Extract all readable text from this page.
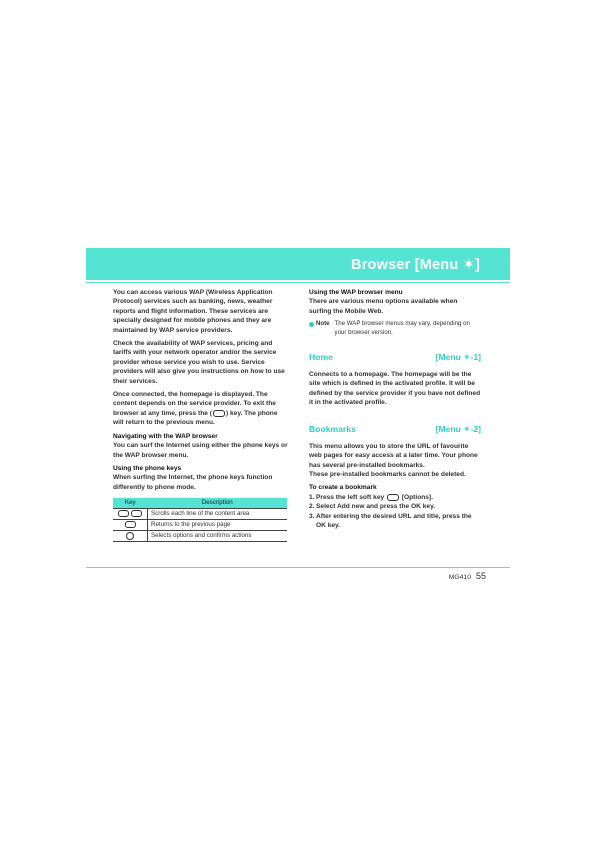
Browser [Menu ✶]

You can access various WAP (Wireless Application Protocol) services such as banking, news, weather reports and flight information. These services are specially designed for mobile phones and they are maintained by WAP service providers.

Check the availability of WAP services, pricing and tariffs with your network operator and/or the service provider whose service you wish to use. Service providers will also give you instructions on how to use their services.

Once connected, the homepage is displayed. The content depends on the service provider. To exit the browser at any time, press the ( ) key. The phone will return to the previous menu.

Navigating with the WAP browser

You can surf the Internet using either the phone keys or the WAP browser menu.

Using the phone keys

When surfing the Internet, the phone keys function differently to phone mode.

Key	Description
	Scrolls each line of the content area
	Returns to the previous page
	Selects options and confirms actions
Using the WAP browser menu

There are various menu options available when surfing the Mobile Web.

Note The WAP browser menus may vary, depending on your browser version.
Home	[Menu ✶-1]

Connects to a homepage. The homepage will be the site which is defined in the activated profile. It will be defined by the service provider if you have not defined it in the activated profile.

Bookmarks	[Menu ✶-2]

This menu allows you to store the URL of favourite web pages for easy access at a later time. Your phone has several pre-installed bookmarks.
These pre-installed bookmarks cannot be deleted.

To create a bookmark
1. Press the left soft key  [Options].
2. Select Add new and press the OK key.
3. After entering the desired URL and title, press the OK key.
MG410 55
